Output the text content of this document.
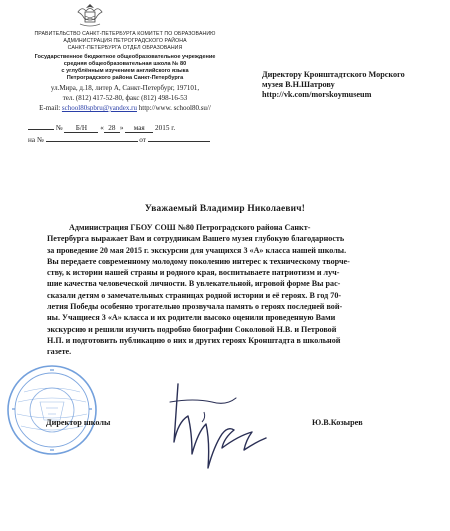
ПРАВИТЕЛЬСТВО САНКТ-ПЕТЕРБУРГА КОМИТЕТ ПО ОБРАЗОВАНИЮ
АДМИНИСТРАЦИЯ ПЕТРОГРАДСКОГО РАЙОНА
САНКТ-ПЕТЕРБУРГА ОТДЕЛ ОБРАЗОВАНИЯ
Государственное бюджетное общеобразовательное учреждение
средняя общеобразовательная школа № 80
с углублённым изучением английского языка
Петроградского района Санкт-Петербурга
ул.Мира, д.18, литер А, Санкт-Петербург, 197101,
тел. (812) 417-52-80, факс (812) 498-16-53
E-mail: school80spbru@yandex.ru http://www. school80.su//
№ Б/Н « 28 » мая 2015 г.
на №	от
Директору Кронштадтского Морского
музея В.Н.Шатрову
http://vk.com/morskoymuseum
Уважаемый Владимир Николаевич!
Администрация ГБОУ СОШ №80 Петроградского района Санкт-
Петербурга выражает Вам и сотрудникам Вашего музея глубокую благодарность
за проведение 20 мая 2015 г. экскурсии для учащихся 3 «А» класса нашей школы.
Вы передаете современному молодому поколению интерес к техническому творче-
ству, к истории нашей страны и родного края, воспитываете патриотизм и луч-
шие качества человеческой личности. В увлекательной, игровой форме Вы рас-
сказали детям о замечательных страницах родной истории и её героях. В год 70-
летия Победы особенно трогательно прозвучала память о героях последней вой-
ны. Учащиеся 3 «А» класса и их родители высоко оценили проведенную Вами
экскурсию и решили изучить подробно биографии Соколовой Н.В. и Петровой
Н.П. и подготовить публикацию о них и других героях Кронштадта в школьной
газете.
Директор школы	Ю.В.Козырев
